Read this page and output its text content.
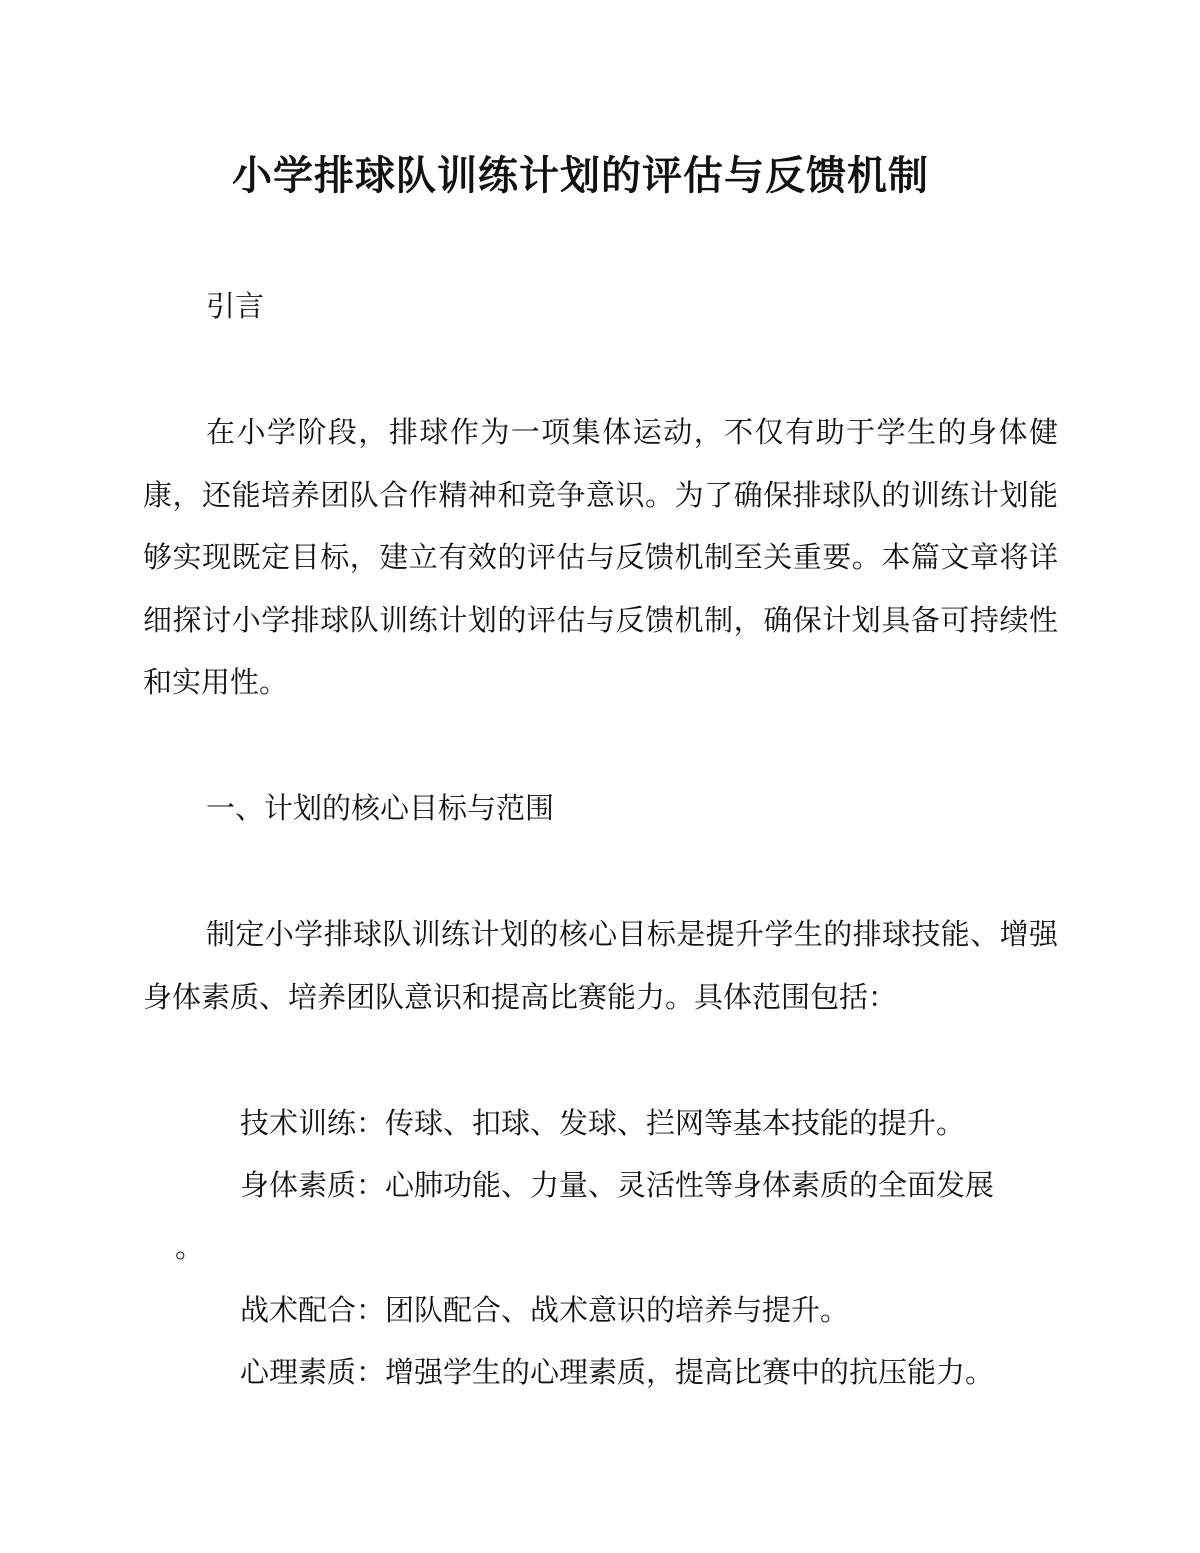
小学排球队训练计划的评估与反馈机制
引言

在小学阶段，排球作为一项集体运动，不仅有助于学生的身体健康，还能培养团队合作精神和竞争意识。为了确保排球队的训练计划能够实现既定目标，建立有效的评估与反馈机制至关重要。本篇文章将详细探讨小学排球队训练计划的评估与反馈机制，确保计划具备可持续性和实用性。

一、计划的核心目标与范围

制定小学排球队训练计划的核心目标是提升学生的排球技能、增强身体素质、培养团队意识和提高比赛能力。具体范围包括：

技术训练：传球、扣球、发球、拦网等基本技能的提升。
身体素质：心肺功能、力量、灵活性等身体素质的全面发展
。
战术配合：团队配合、战术意识的培养与提升。
心理素质：增强学生的心理素质，提高比赛中的抗压能力。
